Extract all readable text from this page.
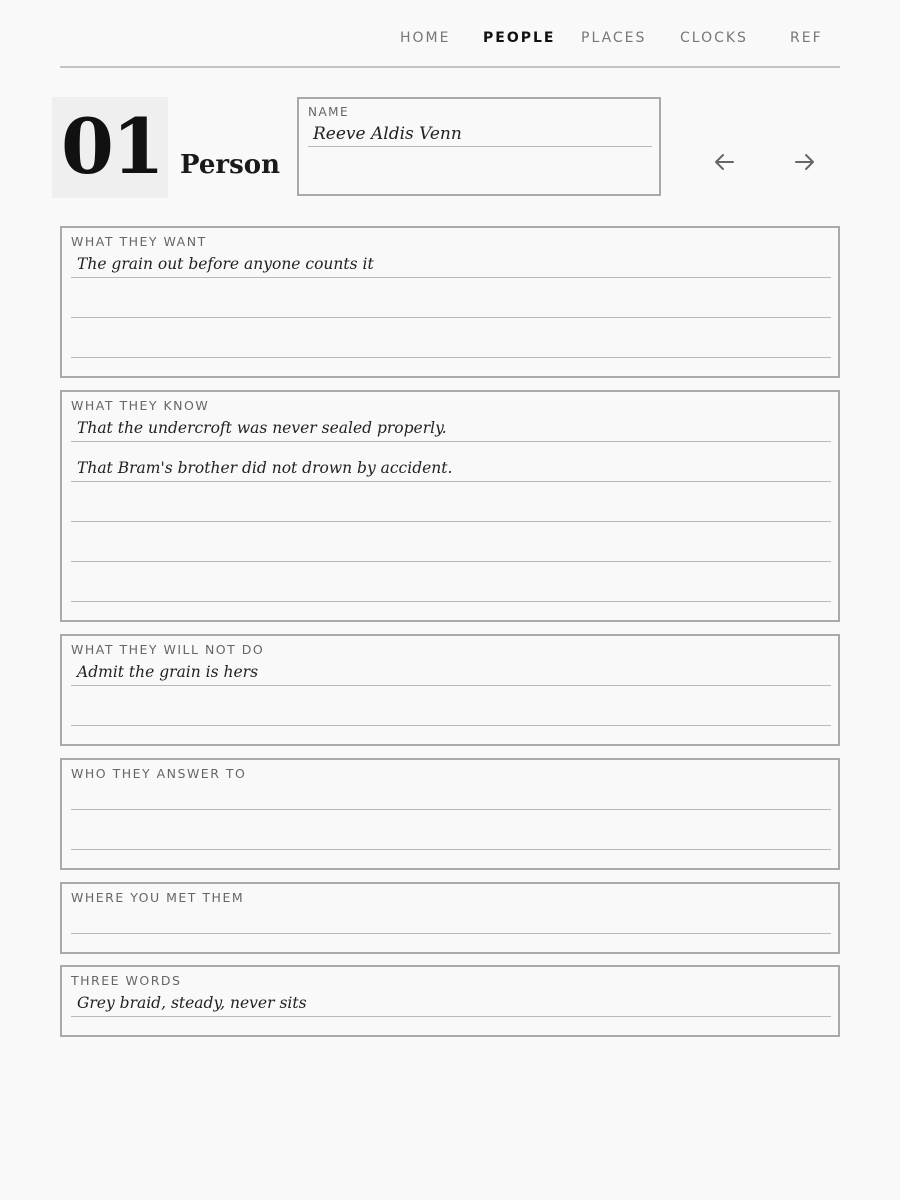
HOME PEOPLE PLACES CLOCKS	REF
01 Person
NAME
Reeve Aldis Venn
WHAT THEY WANT
The grain out before anyone counts it
WHAT THEY KNOW
That the undercroft was never sealed properly.
That Bram's brother did not drown by accident.
WHAT THEY WILL NOT DO
Admit the grain is hers
WHO THEY ANSWER TO
WHERE YOU MET THEM
THREE WORDS
Grey braid, steady, never sits
